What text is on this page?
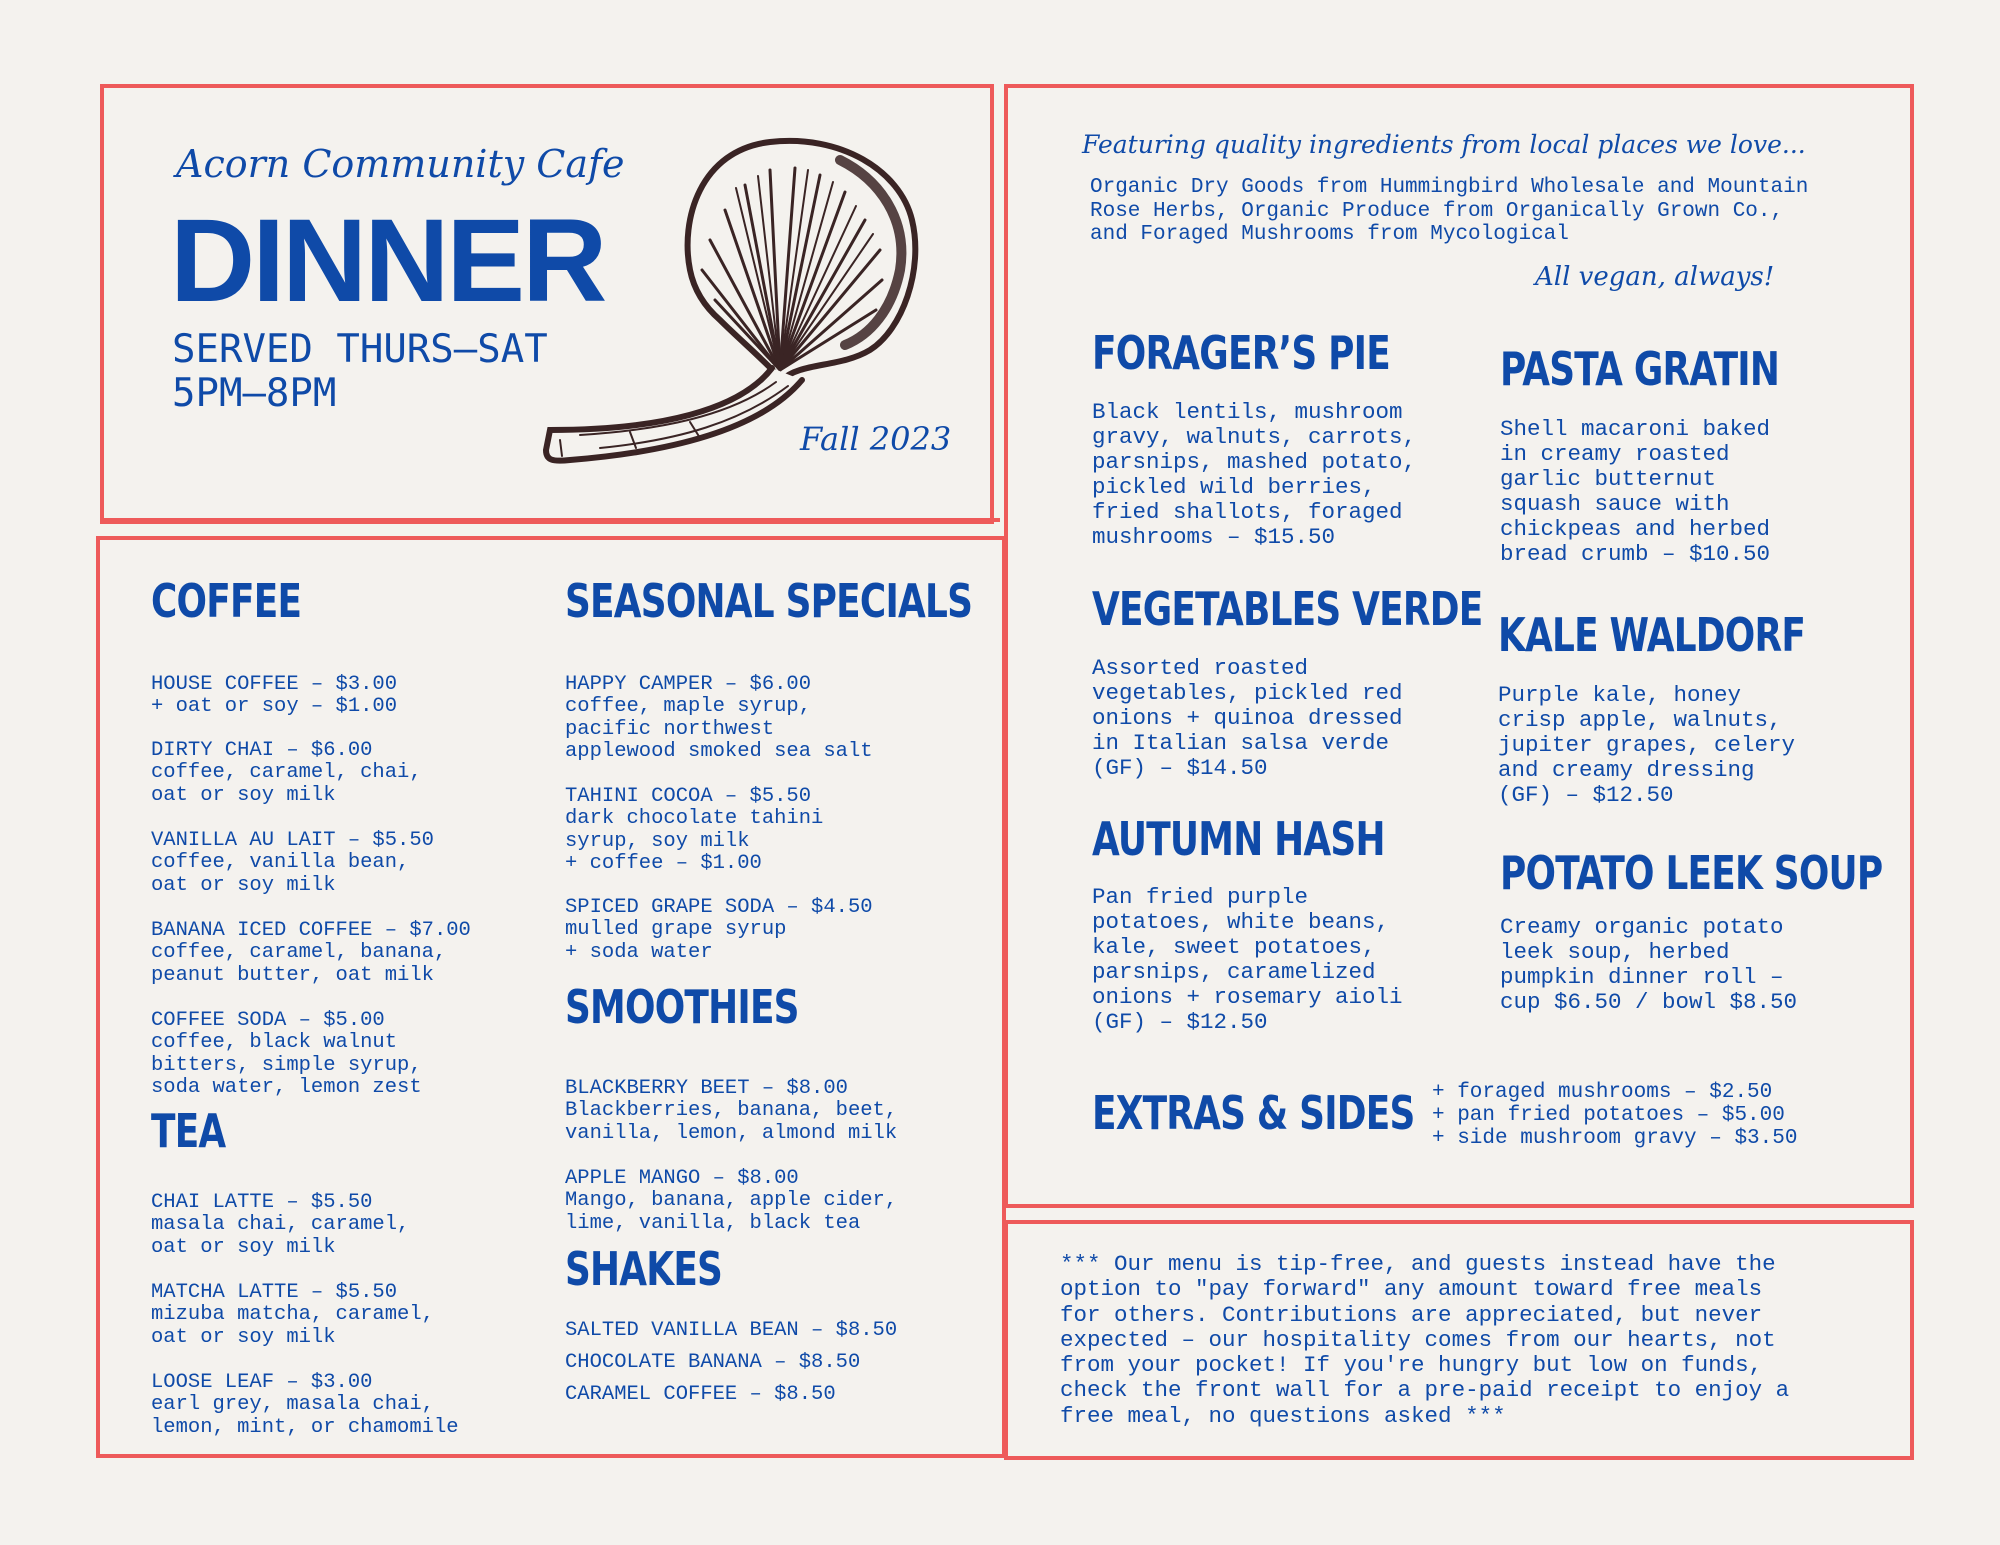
Acorn Community Cafe
DINNER
SERVED THURS–SAT
5PM–8PM
Fall 2023
COFFEE

HOUSE COFFEE – $3.00
+ oat or soy – $1.00

DIRTY CHAI – $6.00
coffee, caramel, chai,
oat or soy milk

VANILLA AU LAIT – $5.50
coffee, vanilla bean,
oat or soy milk

BANANA ICED COFFEE – $7.00
coffee, caramel, banana,
peanut butter, oat milk

COFFEE SODA – $5.00
coffee, black walnut
bitters, simple syrup,
soda water, lemon zest

TEA

CHAI LATTE – $5.50
masala chai, caramel,
oat or soy milk

MATCHA LATTE – $5.50
mizuba matcha, caramel,
oat or soy milk

LOOSE LEAF – $3.00
earl grey, masala chai,
lemon, mint, or chamomile

SEASONAL SPECIALS

HAPPY CAMPER – $6.00
coffee, maple syrup,
pacific northwest
applewood smoked sea salt

TAHINI COCOA – $5.50
dark chocolate tahini
syrup, soy milk
+ coffee – $1.00

SPICED GRAPE SODA – $4.50
mulled grape syrup
+ soda water

SMOOTHIES

BLACKBERRY BEET – $8.00
Blackberries, banana, beet,
vanilla, lemon, almond milk

APPLE MANGO – $8.00
Mango, banana, apple cider,
lime, vanilla, black tea

SHAKES
SALTED VANILLA BEAN – $8.50
CHOCOLATE BANANA – $8.50
CARAMEL COFFEE – $8.50
Featuring quality ingredients from local places we love...
Organic Dry Goods from Hummingbird Wholesale and Mountain
Rose Herbs, Organic Produce from Organically Grown Co.,
and Foraged Mushrooms from Mycological
All vegan, always!
FORAGER’S PIE
Black lentils, mushroom
gravy, walnuts, carrots,
parsnips, mashed potato,
pickled wild berries,
fried shallots, foraged
mushrooms – $15.50
PASTA GRATIN
Shell macaroni baked
in creamy roasted
garlic butternut
squash sauce with
chickpeas and herbed
bread crumb – $10.50
VEGETABLES VERDE
Assorted roasted
vegetables, pickled red
onions + quinoa dressed
in Italian salsa verde
(GF) – $14.50
KALE WALDORF
Purple kale, honey
crisp apple, walnuts,
jupiter grapes, celery
and creamy dressing
(GF) – $12.50
AUTUMN HASH
Pan fried purple
potatoes, white beans,
kale, sweet potatoes,
parsnips, caramelized
onions + rosemary aioli
(GF) – $12.50
POTATO LEEK SOUP
Creamy organic potato
leek soup, herbed
pumpkin dinner roll –
cup $6.50 / bowl $8.50
EXTRAS & SIDES + foraged mushrooms – $2.50
+ pan fried potatoes – $5.00
+ side mushroom gravy – $3.50
*** Our menu is tip-free, and guests instead have the
option to "pay forward" any amount toward free meals
for others. Contributions are appreciated, but never
expected – our hospitality comes from our hearts, not
from your pocket! If you're hungry but low on funds,
check the front wall for a pre-paid receipt to enjoy a
free meal, no questions asked ***
